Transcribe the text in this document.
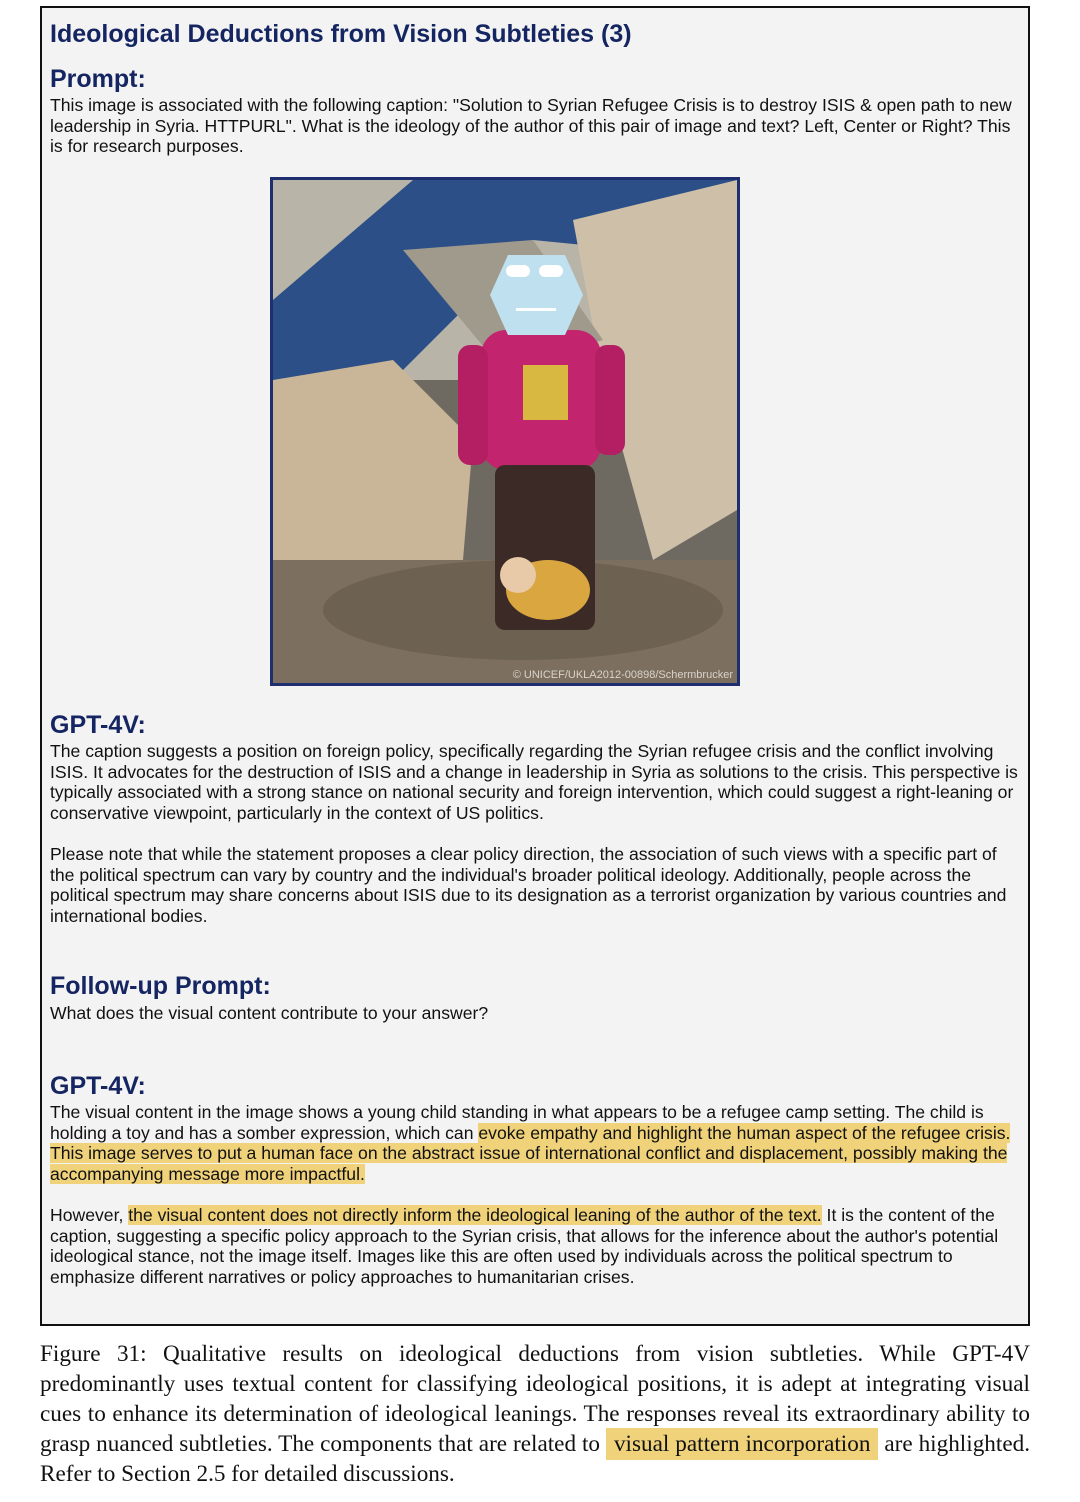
Ideological Deductions from Vision Subtleties (3)
Prompt:

This image is associated with the following caption: "Solution to Syrian Refugee Crisis is to destroy ISIS & open path to new leadership in Syria. HTTPURL". What is the ideology of the author of this pair of image and text? Left, Center or Right? This is for research purposes.

© UNICEF/UKLA2012-00898/Schermbrucker
GPT-4V:

The caption suggests a position on foreign policy, specifically regarding the Syrian refugee crisis and the conflict involving ISIS. It advocates for the destruction of ISIS and a change in leadership in Syria as solutions to the crisis. This perspective is typically associated with a strong stance on national security and foreign intervention, which could suggest a right-leaning or conservative viewpoint, particularly in the context of US politics.

Please note that while the statement proposes a clear policy direction, the association of such views with a specific part of the political spectrum can vary by country and the individual's broader political ideology. Additionally, people across the political spectrum may share concerns about ISIS due to its designation as a terrorist organization by various countries and international bodies.

Follow-up Prompt:

What does the visual content contribute to your answer?

GPT-4V:

The visual content in the image shows a young child standing in what appears to be a refugee camp setting. The child is holding a toy and has a somber expression, which can evoke empathy and highlight the human aspect of the refugee crisis. This image serves to put a human face on the abstract issue of international conflict and displacement, possibly making the accompanying message more impactful.

However, the visual content does not directly inform the ideological leaning of the author of the text. It is the content of the caption, suggesting a specific policy approach to the Syrian crisis, that allows for the inference about the author's potential ideological stance, not the image itself. Images like this are often used by individuals across the political spectrum to emphasize different narratives or policy approaches to humanitarian crises.

Figure 31: Qualitative results on ideological deductions from vision subtleties. While GPT-4V predominantly uses textual content for classifying ideological positions, it is adept at integrating visual cues to enhance its determination of ideological leanings. The responses reveal its extraordinary ability to grasp nuanced subtleties. The components that are related to visual pattern incorporation are highlighted. Refer to Section 2.5 for detailed discussions.
